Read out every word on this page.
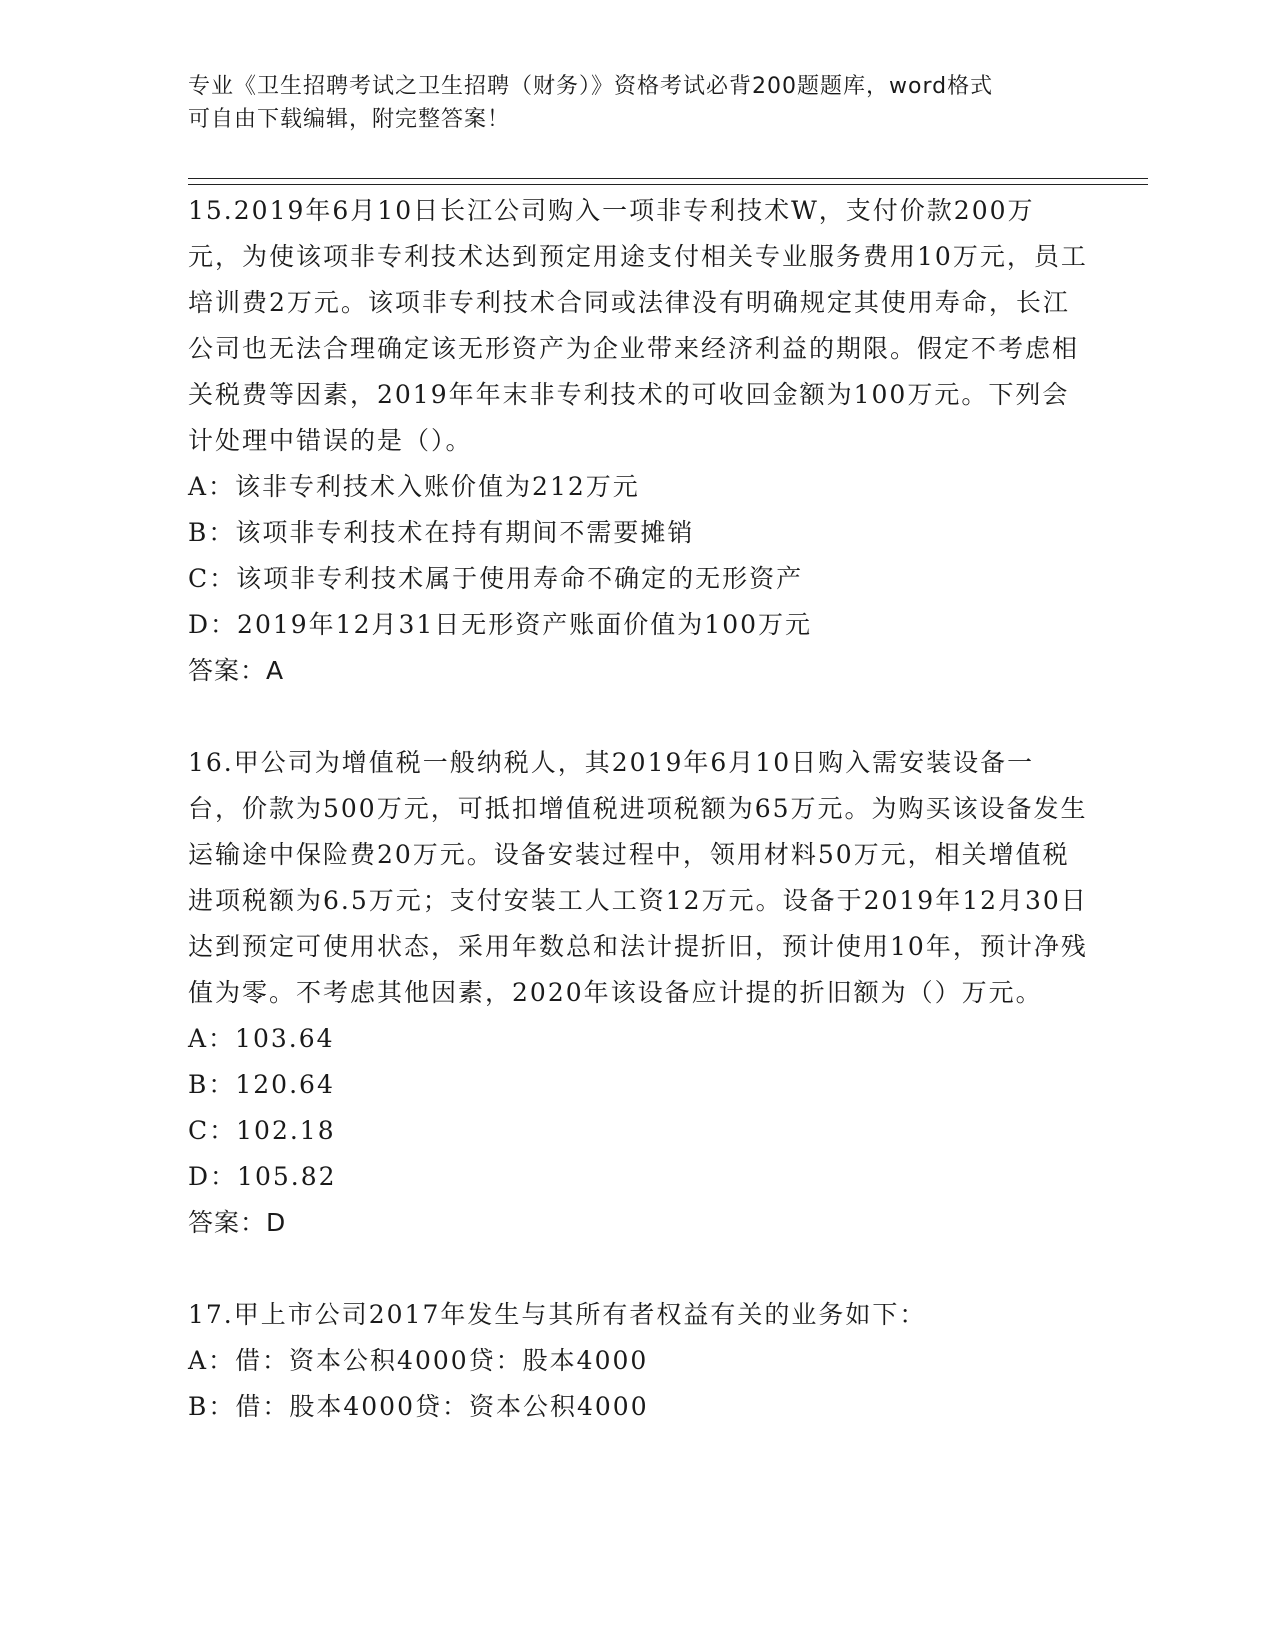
专业《卫生招聘考试之卫生招聘（财务）》资格考试必背200题题库，word格式
可自由下载编辑，附完整答案！

15.2019年6月10日长江公司购入一项非专利技术W，支付价款200万元，为使该项非专利技术达到预定用途支付相关专业服务费用10万元，员工培训费2万元。该项非专利技术合同或法律没有明确规定其使用寿命，长江公司也无法合理确定该无形资产为企业带来经济利益的期限。假定不考虑相关税费等因素，2019年年末非专利技术的可收回金额为100万元。下列会计处理中错误的是（）。

A：该非专利技术入账价值为212万元

B：该项非专利技术在持有期间不需要摊销

C：该项非专利技术属于使用寿命不确定的无形资产

D：2019年12月31日无形资产账面价值为100万元

答案：A

16.甲公司为增值税一般纳税人，其2019年6月10日购入需安装设备一台，价款为500万元，可抵扣增值税进项税额为65万元。为购买该设备发生运输途中保险费20万元。设备安装过程中，领用材料50万元，相关增值税进项税额为6.5万元；支付安装工人工资12万元。设备于2019年12月30日达到预定可使用状态，采用年数总和法计提折旧，预计使用10年，预计净残值为零。不考虑其他因素，2020年该设备应计提的折旧额为（）万元。

A：103.64

B：120.64

C：102.18

D：105.82

答案：D

17.甲上市公司2017年发生与其所有者权益有关的业务如下：

A：借：资本公积4000贷：股本4000

B：借：股本4000贷：资本公积4000
